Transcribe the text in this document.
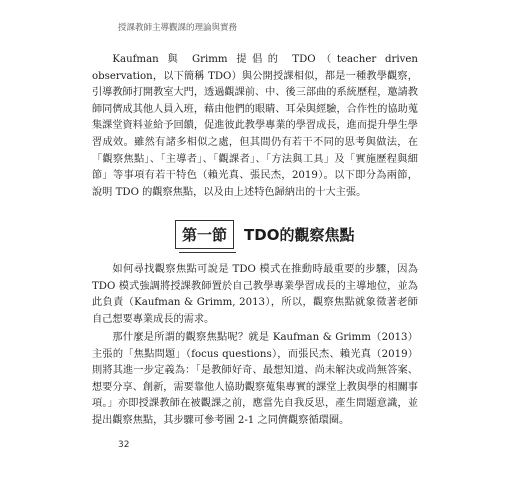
授課教師主導觀課的理論與實務

Kaufman 與 Grimm 提倡的 TDO（teacher driven observation，以下簡稱 TDO）與公開授課相似，都是一種教學觀察，引導教師打開教室大門，透過觀課前、中、後三部曲的系統歷程，邀請教師同儕成其他人員入班，藉由他們的眼睛、耳朵與經驗，合作性的協助蒐集課堂資料並給予回饋，促進彼此教學專業的學習成長，進而提升學生學習成效。雖然有諸多相似之處，但其間仍有若干不同的思考與做法，在「觀察焦點」、「主導者」、「觀課者」、「方法與工具」及「實施歷程與細節」等事項有若干特色（賴光真、張民杰，2019）。以下即分為兩節，說明 TDO 的觀察焦點，以及由上述特色歸納出的十大主張。

第一節	TDO的觀察焦點

如何尋找觀察焦點可說是 TDO 模式在推動時最重要的步驟，因為 TDO 模式強調將授課教師置於自己教學專業學習成長的主導地位，並為此負責（Kaufman & Grimm, 2013），所以，觀察焦點就象徵著老師自己想要專業成長的需求。

那什麼是所謂的觀察焦點呢？就是 Kaufman & Grimm（2013）主張的「焦點問題」（focus questions），而張民杰、賴光真（2019）則將其進一步定義為：「是教師好奇、最想知道、尚未解決或尚無答案、想要分享、創新，需要靠他人協助觀察蒐集專實的課堂上教與學的相關事項。」亦即授課教師在被觀課之前，應當先自我反思，產生問題意識，並提出觀察焦點，其步驟可參考圖 2-1 之同儕觀察循環圈。

32
